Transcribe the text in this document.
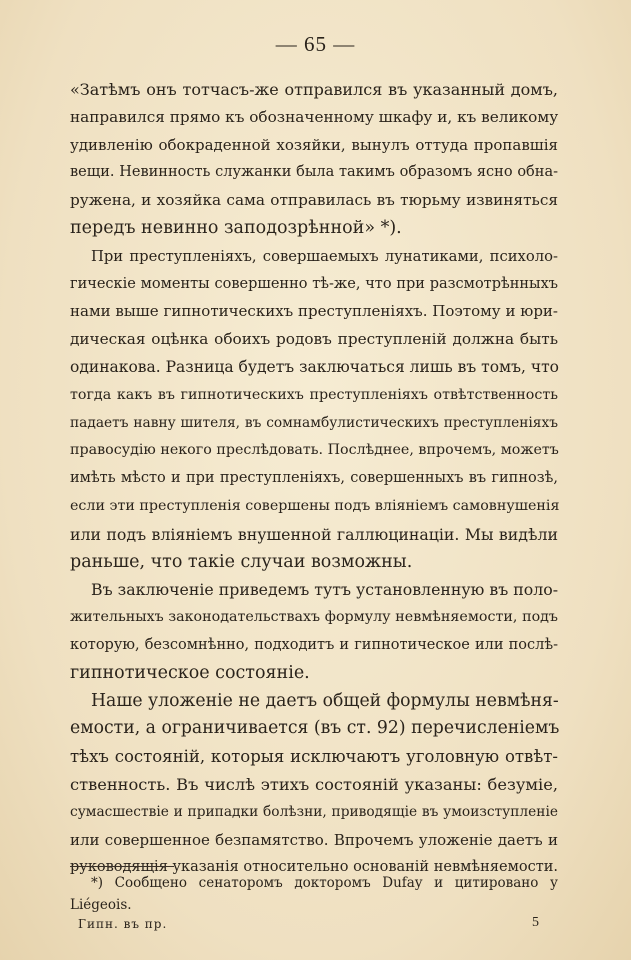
— 65 —
«Затѣмъ онъ тотчасъ-же отправился въ указанный домъ,
направился прямо къ обозначенному шкафу и, къ великому
удивленію обокраденной хозяйки, вынулъ оттуда пропавшія
вещи. Невинность служанки была такимъ образомъ ясно обна-
ружена, и хозяйка сама отправилась въ тюрьму извиняться
передъ невинно заподозрѣнной» *).
При преступленіяхъ, совершаемыхъ лунатиками, психоло-
гическіе моменты совершенно тѣ-же, что при разсмотрѣнныхъ
нами выше гипнотическихъ преступленіяхъ. Поэтому и юри-
дическая оцѣнка обоихъ родовъ преступленій должна быть
одинакова. Разница будетъ заключаться лишь въ томъ, что
тогда какъ въ гипнотическихъ преступленіяхъ отвѣтственность
падаетъ навну шителя, въ сомнамбулистическихъ преступленіяхъ
правосудію некого преслѣдовать. Послѣднее, впрочемъ, можетъ
имѣть мѣсто и при преступленіяхъ, совершенныхъ въ гипнозѣ,
если эти преступленія совершены подъ вліяніемъ самовнушенія
или подъ вліяніемъ внушенной галлюцинаціи. Мы видѣли
раньше, что такіе случаи возможны.
Въ заключеніе приведемъ тутъ установленную въ поло-
жительныхъ законодательствахъ формулу невмѣняемости, подъ
которую, безсомнѣнно, подходитъ и гипнотическое или послѣ-
гипнотическое состояніе.
Наше уложеніе не даетъ общей формулы невмѣня-
емости, а ограничивается (въ ст. 92) перечисленіемъ
тѣхъ состояній, которыя исключаютъ уголовную отвѣт-
ственность. Въ числѣ этихъ состояній указаны: безуміе,
сумасшествіе и припадки болѣзни, приводящіе въ умоизступленіе
или совершенное безпамятство. Впрочемъ уложеніе даетъ и
руководящія указанія относительно основаній невмѣняемости.
*) Сообщено сенаторомъ докторомъ Dufay и цитировано у
Liégeois.
Гипн. въ пр.	5
